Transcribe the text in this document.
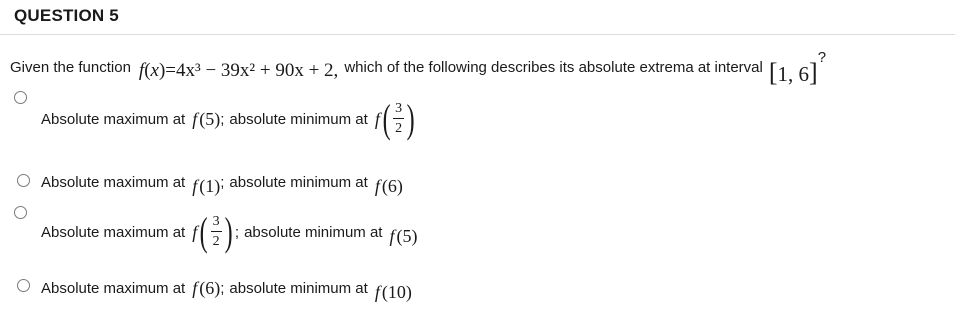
QUESTION 5
Given the function f(x)=4x³ − 39x² + 90x + 2, which of the following describes its absolute extrema at interval [1, 6]
?
Absolute maximum at f (5) ; absolute minimum at f ( $\frac{3}{2}$ )
Absolute maximum at f (1) ; absolute minimum at f (6)
Absolute maximum at f ( $\frac{3}{2}$ ) ; absolute minimum at f (5)
Absolute maximum at f (6) ; absolute minimum at f (10)
